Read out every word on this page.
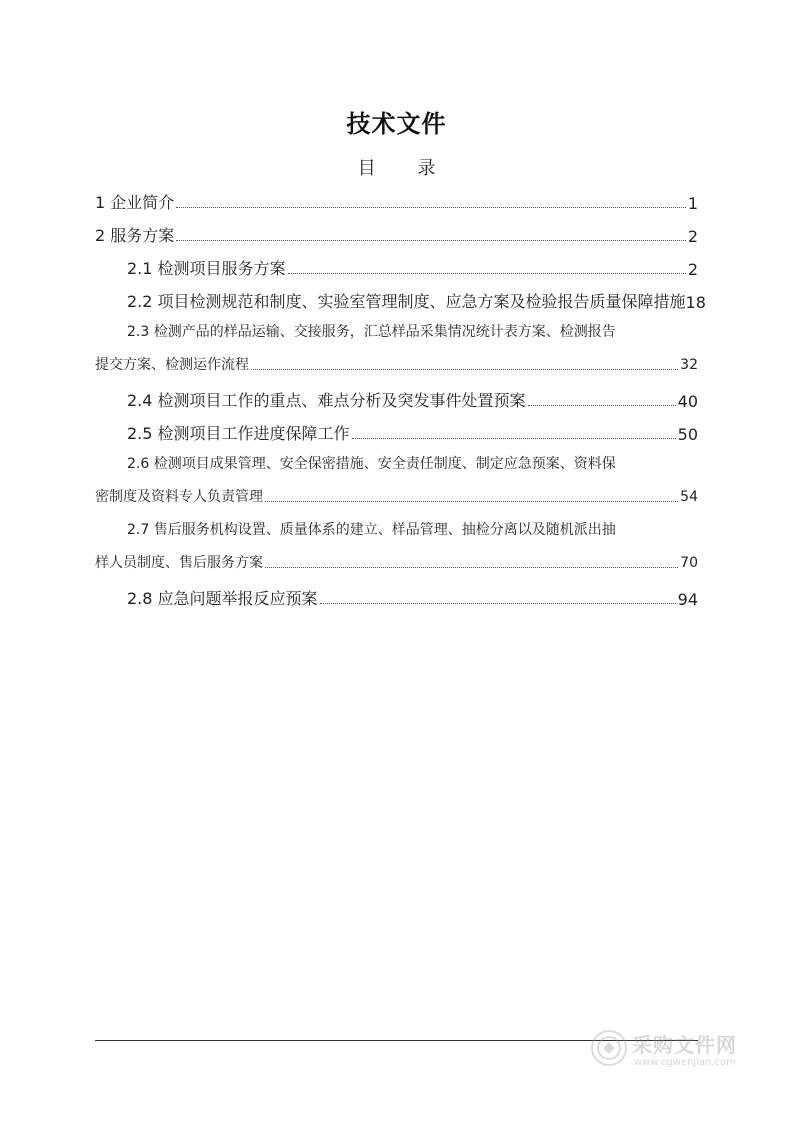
技术文件
目 录
1 企业简介	1
2 服务方案	2
2.1 检测项目服务方案	2
2.2 项目检测规范和制度、实验室管理制度、应急方案及检验报告质量保障措施 18
2.3 检测产品的样品运输、交接服务，汇总样品采集情况统计表方案、检测报告
提交方案、检测运作流程	32
2.4 检测项目工作的重点、难点分析及突发事件处置预案	40
2.5 检测项目工作进度保障工作	50
2.6 检测项目成果管理、安全保密措施、安全责任制度、制定应急预案、资料保
密制度及资料专人负责管理	54
2.7 售后服务机构设置、质量体系的建立、样品管理、抽检分离以及随机派出抽
样人员制度、售后服务方案	70
2.8 应急问题举报反应预案	94
采购文件网
www.cgwenjian.com
